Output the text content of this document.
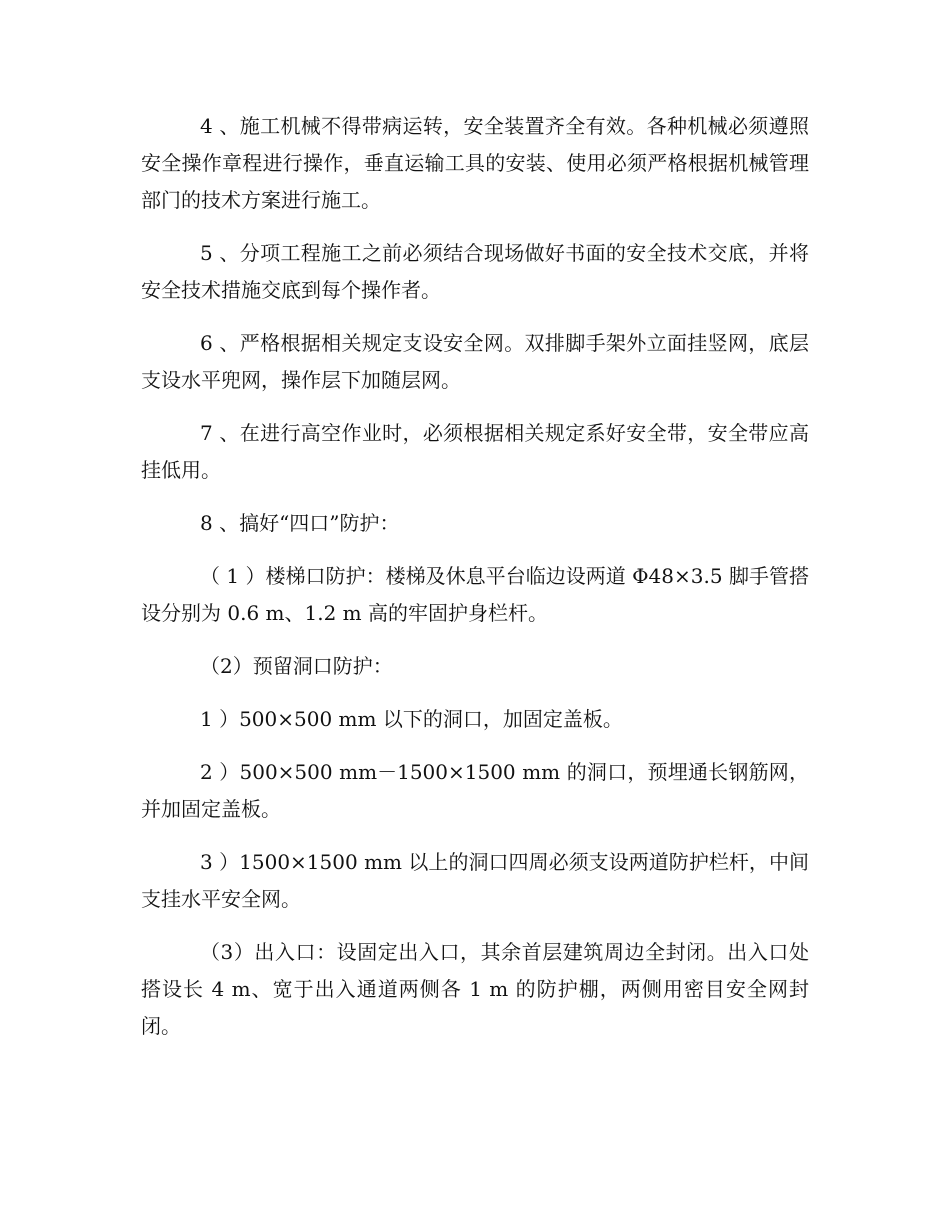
4 、施工机械不得带病运转，安全装置齐全有效。各种机械必须遵照安全操作章程进行操作，垂直运输工具的安装、使用必须严格根据机械管理部门的技术方案进行施工。

5 、分项工程施工之前必须结合现场做好书面的安全技术交底，并将安全技术措施交底到每个操作者。

6 、严格根据相关规定支设安全网。双排脚手架外立面挂竖网，底层支设水平兜网，操作层下加随层网。

7 、在进行高空作业时，必须根据相关规定系好安全带，安全带应高挂低用。

8 、搞好“四口”防护：

（ 1 ）楼梯口防护：楼梯及休息平台临边设两道 Φ48×3.5 脚手管搭设分别为 0.6 m、1.2 m 高的牢固护身栏杆。

（2）预留洞口防护：

1 ）500×500 mm 以下的洞口，加固定盖板。

2 ）500×500 mm－1500×1500 mm 的洞口，预埋通长钢筋网，并加固定盖板。

3 ）1500×1500 mm 以上的洞口四周必须支设两道防护栏杆，中间支挂水平安全网。

（3）出入口：设固定出入口，其余首层建筑周边全封闭。出入口处搭设长 4 m、宽于出入通道两侧各 1 m 的防护棚，两侧用密目安全网封闭。
